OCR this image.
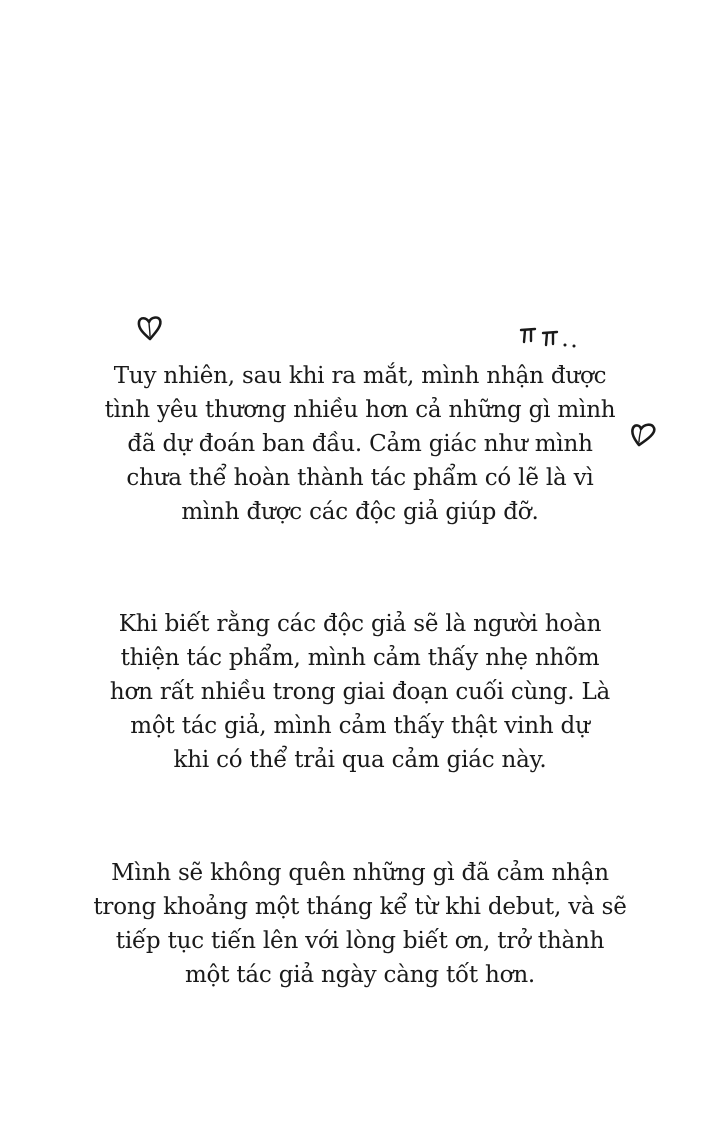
Tuy nhiên, sau khi ra mắt, mình nhận được
tình yêu thương nhiều hơn cả những gì mình
đã dự đoán ban đầu. Cảm giác như mình
chưa thể hoàn thành tác phẩm có lẽ là vì
mình được các độc giả giúp đỡ.

Khi biết rằng các độc giả sẽ là người hoàn
thiện tác phẩm, mình cảm thấy nhẹ nhõm
hơn rất nhiều trong giai đoạn cuối cùng. Là
một tác giả, mình cảm thấy thật vinh dự
khi có thể trải qua cảm giác này.

Mình sẽ không quên những gì đã cảm nhận
trong khoảng một tháng kể từ khi debut, và sẽ
tiếp tục tiến lên với lòng biết ơn, trở thành
một tác giả ngày càng tốt hơn.
